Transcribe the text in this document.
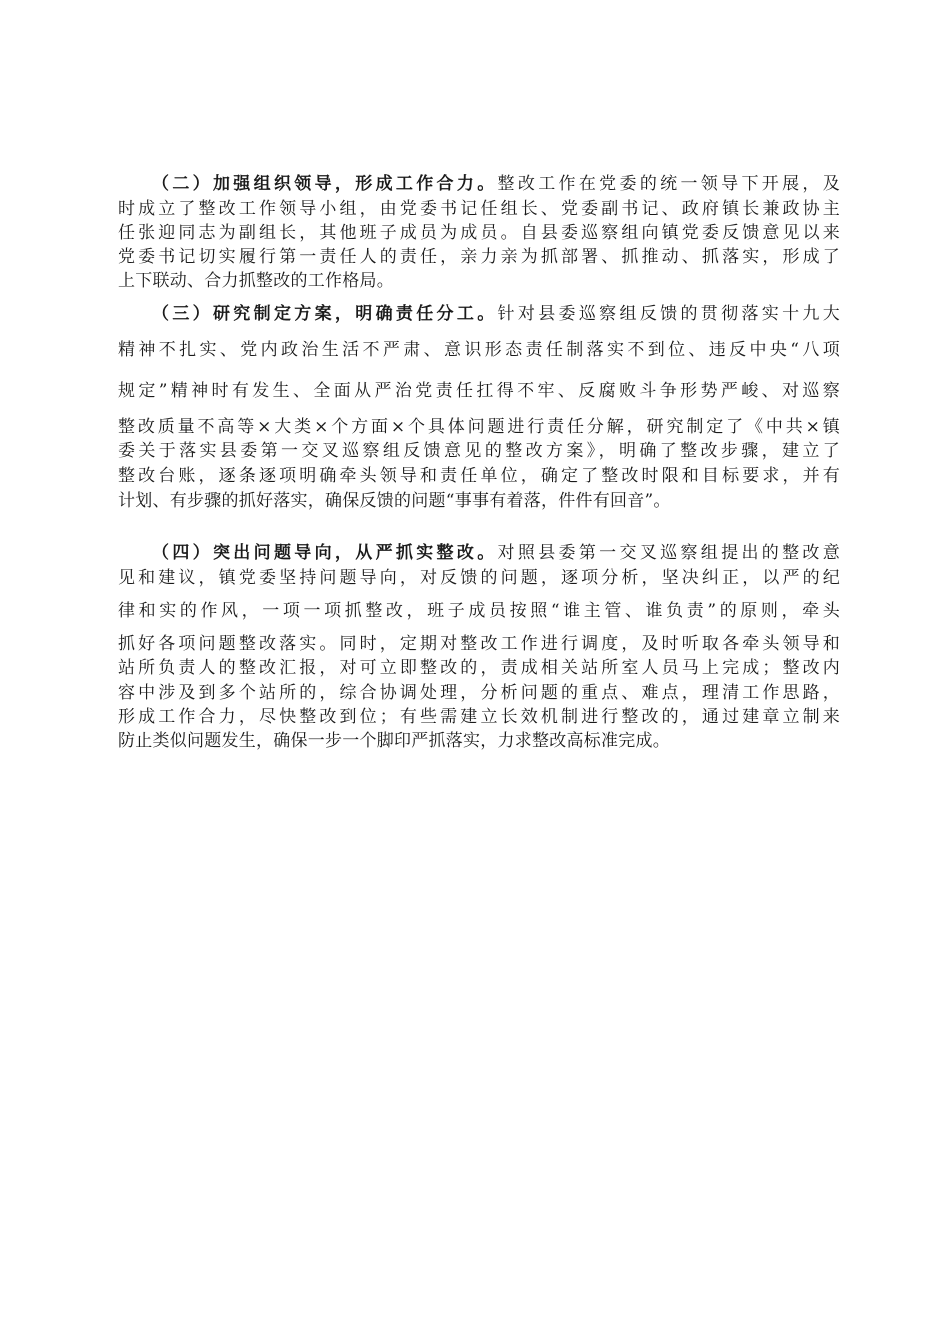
（二）加强组织领导，形成工作合力。整改工作在党委的统一领导下开展，及
时成立了整改工作领导小组，由党委书记任组长、党委副书记、政府镇长兼政协主
任张迎同志为副组长，其他班子成员为成员。自县委巡察组向镇党委反馈意见以来
党委书记切实履行第一责任人的责任，亲力亲为抓部署、抓推动、抓落实，形成了
上下联动、合力抓整改的工作格局。
（三）研究制定方案，明确责任分工。针对县委巡察组反馈的贯彻落实十九大
精神不扎实、党内政治生活不严肃、意识形态责任制落实不到位、违反中央“八项
规定”精神时有发生、全面从严治党责任扛得不牢、反腐败斗争形势严峻、对巡察
整改质量不高等×大类×个方面×个具体问题进行责任分解，研究制定了《中共×镇
委关于落实县委第一交叉巡察组反馈意见的整改方案》，明确了整改步骤，建立了
整改台账，逐条逐项明确牵头领导和责任单位，确定了整改时限和目标要求，并有
计划、有步骤的抓好落实，确保反馈的问题“事事有着落，件件有回音”。
（四）突出问题导向，从严抓实整改。对照县委第一交叉巡察组提出的整改意
见和建议，镇党委坚持问题导向，对反馈的问题，逐项分析，坚决纠正，以严的纪
律和实的作风，一项一项抓整改，班子成员按照“谁主管、谁负责”的原则，牵头
抓好各项问题整改落实。同时，定期对整改工作进行调度，及时听取各牵头领导和
站所负责人的整改汇报，对可立即整改的，责成相关站所室人员马上完成；整改内
容中涉及到多个站所的，综合协调处理，分析问题的重点、难点，理清工作思路，
形成工作合力，尽快整改到位；有些需建立长效机制进行整改的，通过建章立制来
防止类似问题发生，确保一步一个脚印严抓落实，力求整改高标准完成。
